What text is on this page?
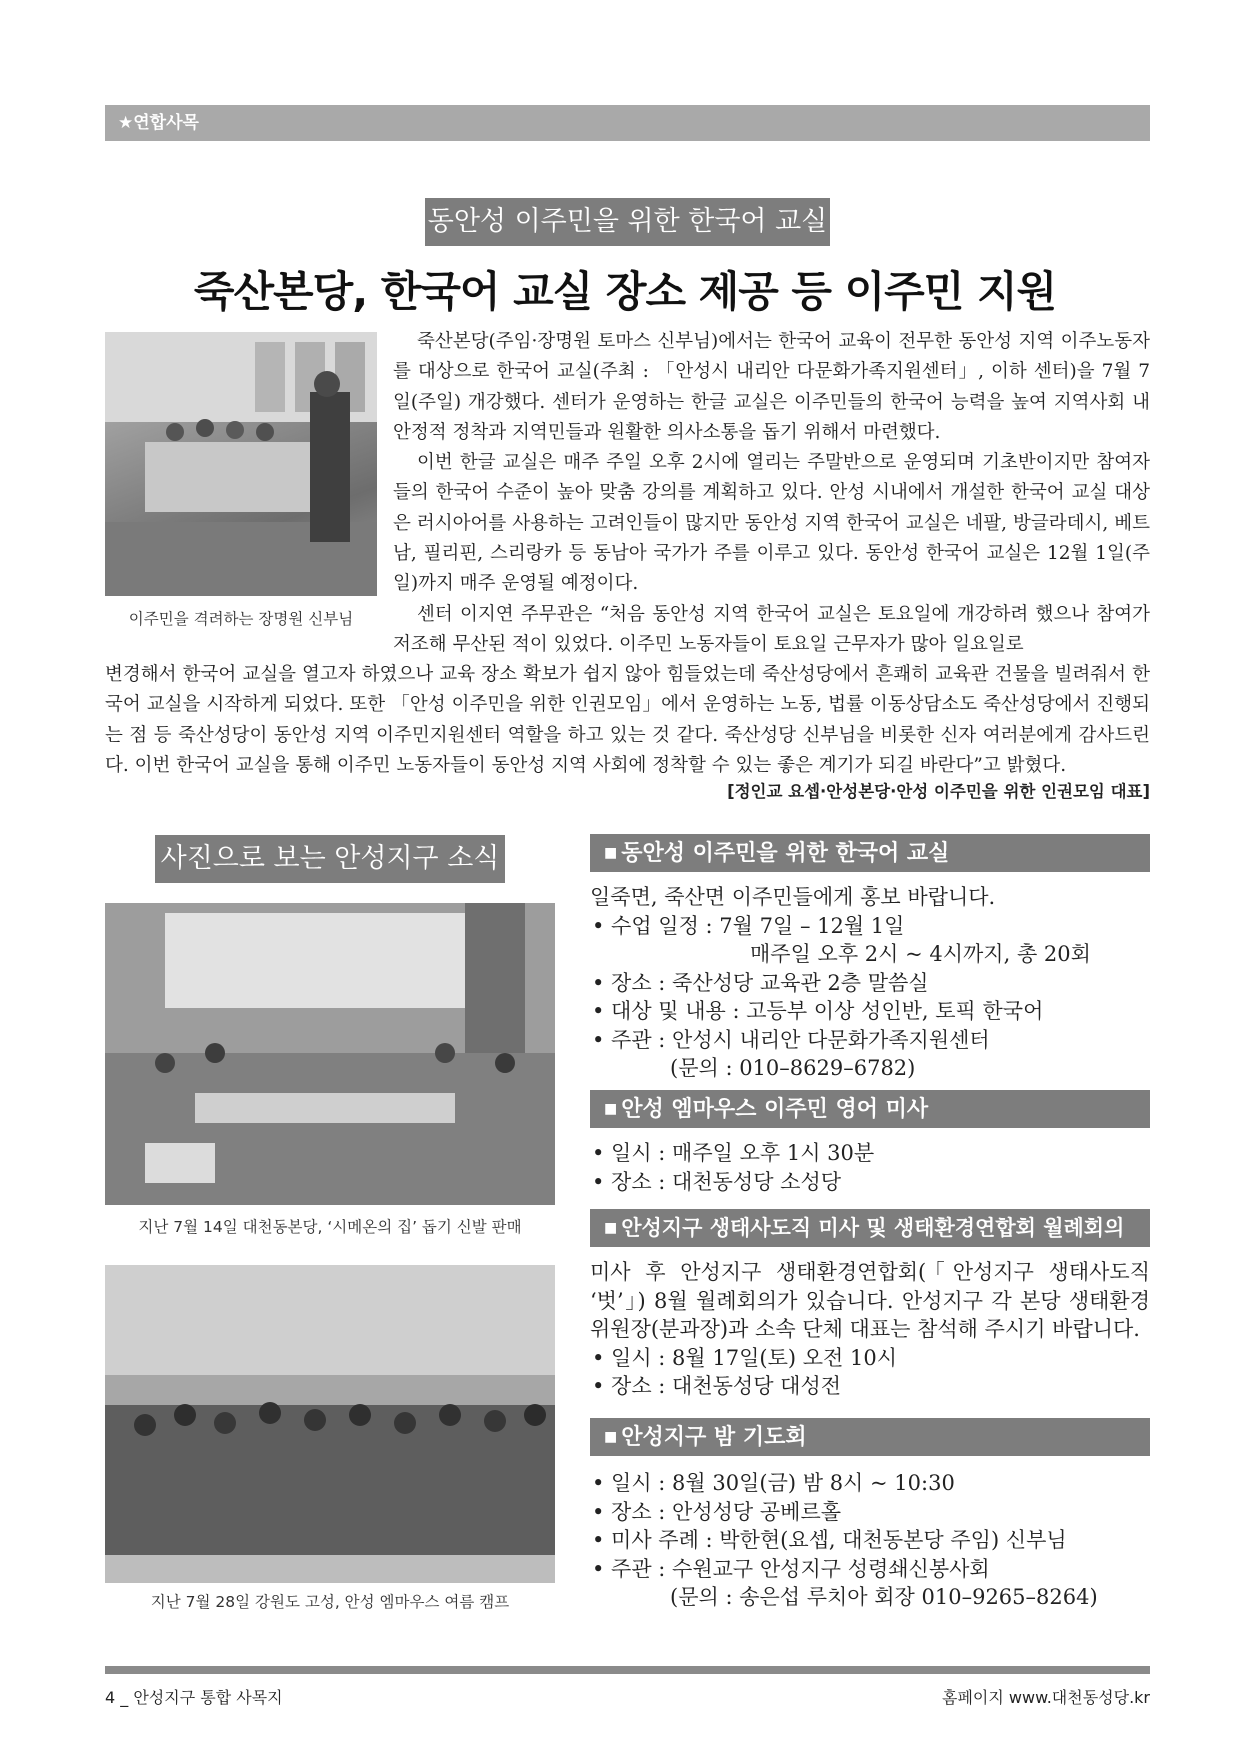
★연합사목
동안성 이주민을 위한 한국어 교실
죽산본당, 한국어 교실 장소 제공 등 이주민 지원
이주민을 격려하는 장명원 신부님

죽산본당(주임·장명원 토마스 신부님)에서는 한국어 교육이 전무한 동안성 지역 이주노동자를 대상으로 한국어 교실(주최 : 「안성시 내리안 다문화가족지원센터」, 이하 센터)을 7월 7일(주일) 개강했다. 센터가 운영하는 한글 교실은 이주민들의 한국어 능력을 높여 지역사회 내 안정적 정착과 지역민들과 원활한 의사소통을 돕기 위해서 마련했다.

이번 한글 교실은 매주 주일 오후 2시에 열리는 주말반으로 운영되며 기초반이지만 참여자들의 한국어 수준이 높아 맞춤 강의를 계획하고 있다. 안성 시내에서 개설한 한국어 교실 대상은 러시아어를 사용하는 고려인들이 많지만 동안성 지역 한국어 교실은 네팔, 방글라데시, 베트남, 필리핀, 스리랑카 등 동남아 국가가 주를 이루고 있다. 동안성 한국어 교실은 12월 1일(주일)까지 매주 운영될 예정이다.

센터 이지연 주무관은 “처음 동안성 지역 한국어 교실은 토요일에 개강하려 했으나 참여가 저조해 무산된 적이 있었다. 이주민 노동자들이 토요일 근무자가 많아 일요일로

변경해서 한국어 교실을 열고자 하였으나 교육 장소 확보가 쉽지 않아 힘들었는데 죽산성당에서 흔쾌히 교육관 건물을 빌려줘서 한국어 교실을 시작하게 되었다. 또한 「안성 이주민을 위한 인권모임」에서 운영하는 노동, 법률 이동상담소도 죽산성당에서 진행되는 점 등 죽산성당이 동안성 지역 이주민지원센터 역할을 하고 있는 것 같다. 죽산성당 신부님을 비롯한 신자 여러분에게 감사드린다. 이번 한국어 교실을 통해 이주민 노동자들이 동안성 지역 사회에 정착할 수 있는 좋은 계기가 되길 바란다”고 밝혔다.
[정인교 요셉·안성본당·안성 이주민을 위한 인권모임 대표]
사진으로 보는 안성지구 소식
지난 7월 14일 대천동본당, ‘시메온의 집’ 돕기 신발 판매
지난 7월 28일 강원도 고성, 안성 엠마우스 여름 캠프
■ 동안성 이주민을 위한 한국어 교실
일죽면, 죽산면 이주민들에게 홍보 바랍니다.
• 수업 일정 : 7월 7일 – 12월 1일
매주일 오후 2시 ~ 4시까지, 총 20회
• 장소 : 죽산성당 교육관 2층 말씀실
• 대상 및 내용 : 고등부 이상 성인반, 토픽 한국어
• 주관 : 안성시 내리안 다문화가족지원센터
(문의 : 010–8629–6782)
■ 안성 엠마우스 이주민 영어 미사
• 일시 : 매주일 오후 1시 30분
• 장소 : 대천동성당 소성당
■ 안성지구 생태사도직 미사 및 생태환경연합회 월례회의
미사 후 안성지구 생태환경연합회(「안성지구 생태사도직 ‘벗’」) 8월 월례회의가 있습니다. 안성지구 각 본당 생태환경위원장(분과장)과 소속 단체 대표는 참석해 주시기 바랍니다.
• 일시 : 8월 17일(토) 오전 10시
• 장소 : 대천동성당 대성전
■ 안성지구 밤 기도회
• 일시 : 8월 30일(금) 밤 8시 ~ 10:30
• 장소 : 안성성당 공베르홀
• 미사 주례 : 박한현(요셉, 대천동본당 주임) 신부님
• 주관 : 수원교구 안성지구 성령쇄신봉사회
(문의 : 송은섭 루치아 회장 010–9265–8264)
4 _ 안성지구 통합 사목지	홈페이지 www.대천동성당.kr
